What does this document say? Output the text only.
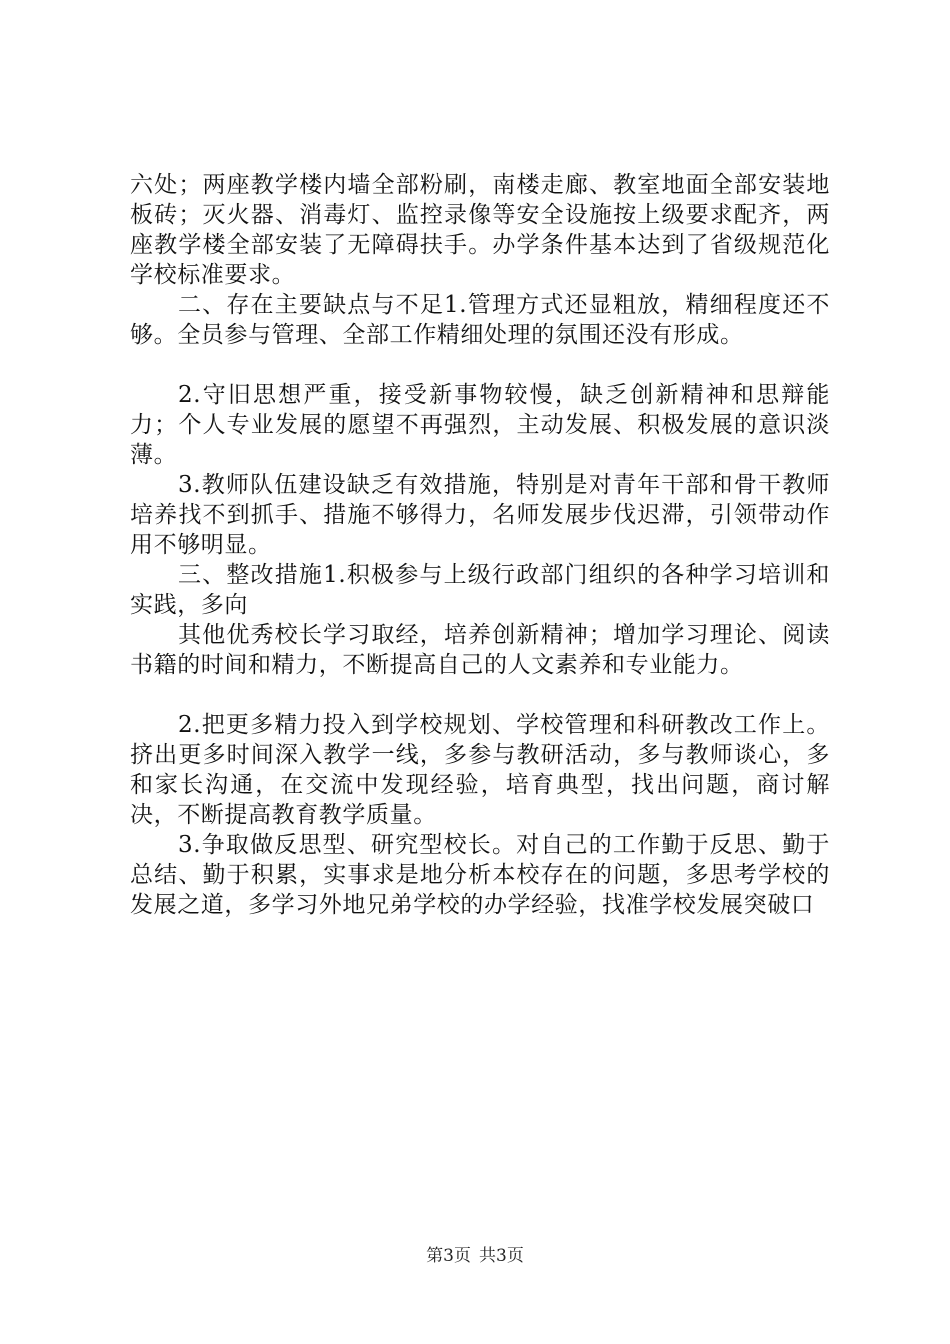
六处；两座教学楼内墙全部粉刷，南楼走廊、教室地面全部安装地板砖；灭火器、消毒灯、监控录像等安全设施按上级要求配齐，两座教学楼全部安装了无障碍扶手。办学条件基本达到了省级规范化学校标准要求。

二、存在主要缺点与不足1.管理方式还显粗放，精细程度还不够。全员参与管理、全部工作精细处理的氛围还没有形成。

2.守旧思想严重，接受新事物较慢，缺乏创新精神和思辩能力；个人专业发展的愿望不再强烈，主动发展、积极发展的意识淡薄。

3.教师队伍建设缺乏有效措施，特别是对青年干部和骨干教师培养找不到抓手、措施不够得力，名师发展步伐迟滞，引领带动作用不够明显。

三、整改措施1.积极参与上级行政部门组织的各种学习培训和实践，多向

其他优秀校长学习取经，培养创新精神；增加学习理论、阅读书籍的时间和精力，不断提高自己的人文素养和专业能力。

2.把更多精力投入到学校规划、学校管理和科研教改工作上。挤出更多时间深入教学一线，多参与教研活动，多与教师谈心，多和家长沟通，在交流中发现经验，培育典型，找出问题，商讨解决，不断提高教育教学质量。

3.争取做反思型、研究型校长。对自己的工作勤于反思、勤于总结、勤于积累，实事求是地分析本校存在的问题，多思考学校的发展之道，多学习外地兄弟学校的办学经验，找准学校发展突破口

第3页 共3页
